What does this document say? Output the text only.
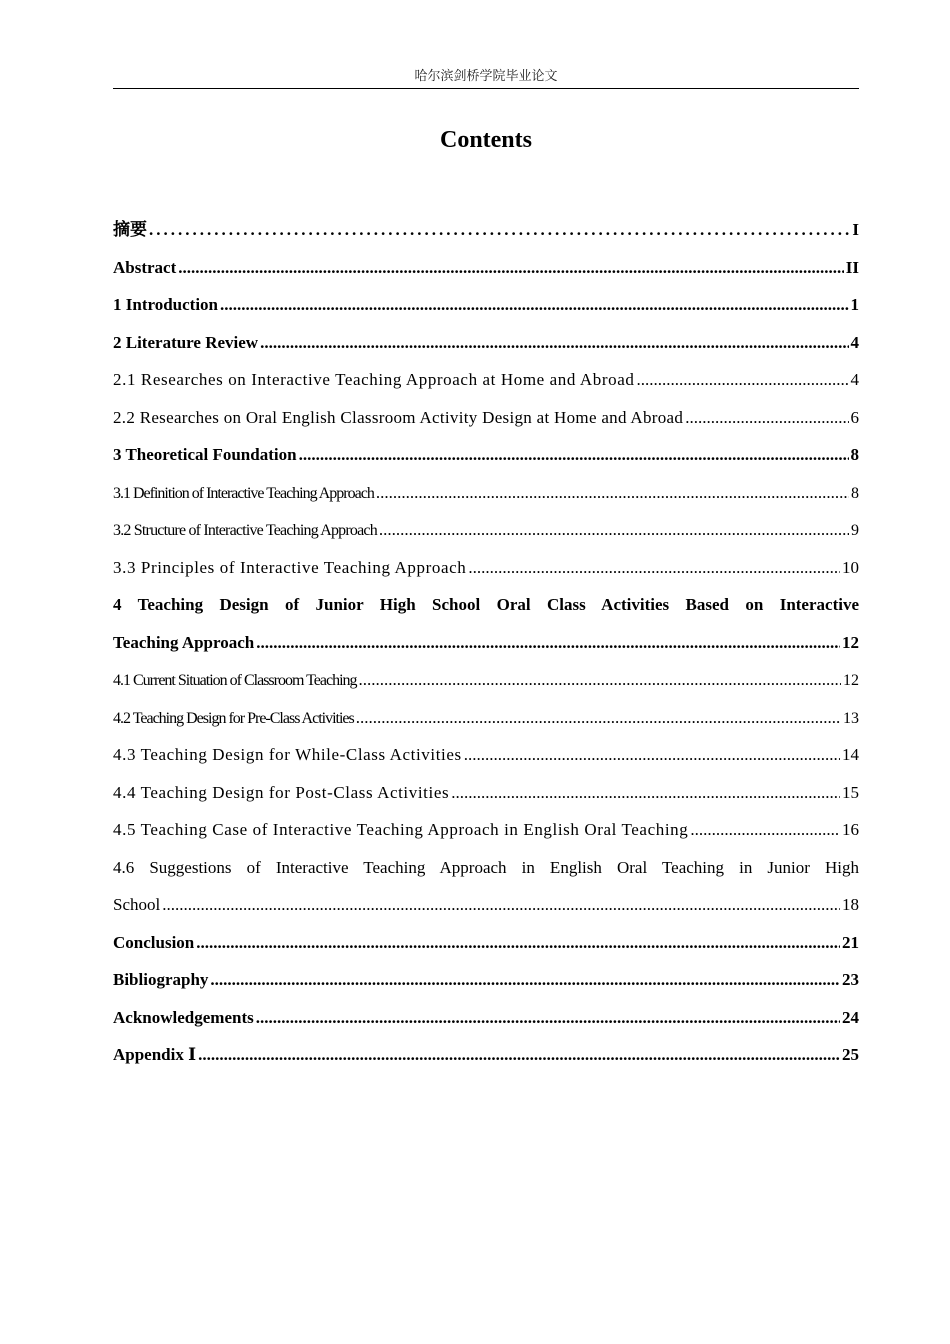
哈尔滨剑桥学院毕业论文
Contents
摘要 .....	I
Abstract .....	II
1 Introduction .....	1
2 Literature Review .....	4
2.1 Researches on Interactive Teaching Approach at Home and Abroad .....	4
2.2 Researches on Oral English Classroom Activity Design at Home and Abroad .....	6
3 Theoretical Foundation .....	8
3.1 Definition of Interactive Teaching Approach .....	8
3.2 Structure of Interactive Teaching Approach .....	9
3.3 Principles of Interactive Teaching Approach .....	10
4 Teaching Design of Junior High School Oral Class Activities Based on Interactive
Teaching Approach .....	12
4.1 Current Situation of Classroom Teaching .....	12
4.2 Teaching Design for Pre-Class Activities .....	13
4.3 Teaching Design for While-Class Activities .....	14
4.4 Teaching Design for Post-Class Activities .....	15
4.5 Teaching Case of Interactive Teaching Approach in English Oral Teaching .....	16
4.6 Suggestions of Interactive Teaching Approach in English Oral Teaching in Junior High
School .....	18
Conclusion .....	21
Bibliography .....	23
Acknowledgements .....	24
Appendix Ⅰ .....	25
